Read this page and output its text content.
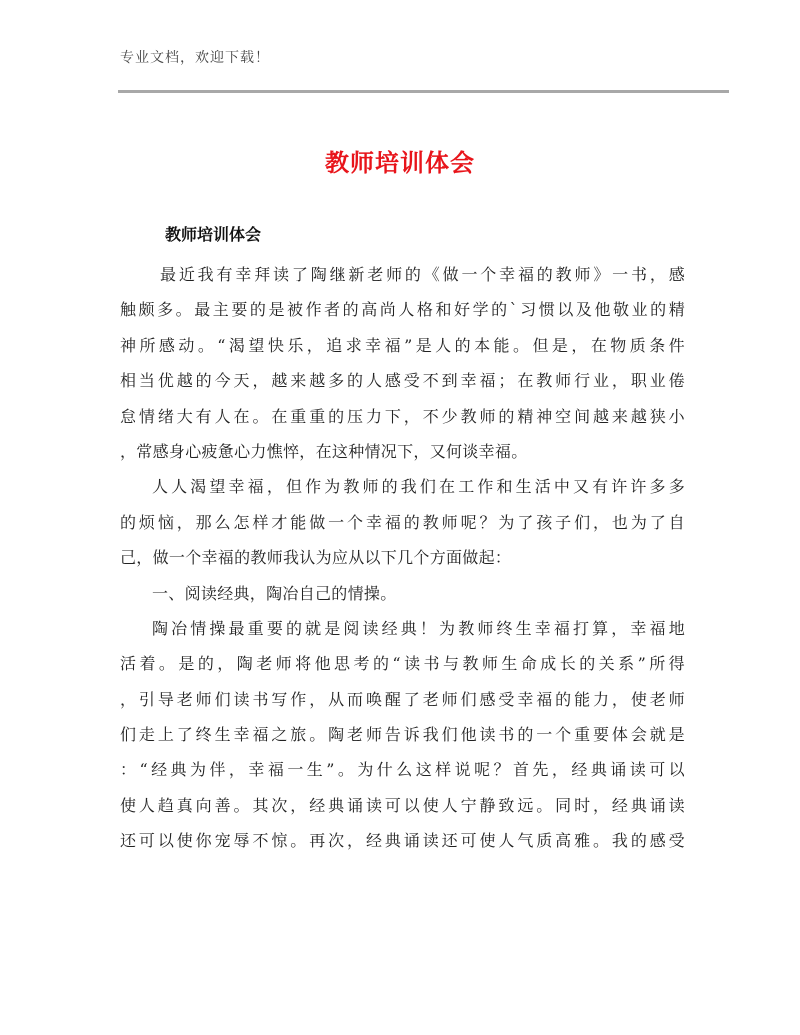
专业文档，欢迎下载！
教师培训体会
教师培训体会
最近我有幸拜读了陶继新老师的《做一个幸福的教师》一书，感
触颇多。最主要的是被作者的高尚人格和好学的`习惯以及他敬业的精
神所感动。“渴望快乐，追求幸福”是人的本能。但是，在物质条件
相当优越的今天，越来越多的人感受不到幸福；在教师行业，职业倦
怠情绪大有人在。在重重的压力下，不少教师的精神空间越来越狭小
，常感身心疲惫心力憔悴，在这种情况下，又何谈幸福。
人人渴望幸福，但作为教师的我们在工作和生活中又有许许多多
的烦恼，那么怎样才能做一个幸福的教师呢？为了孩子们，也为了自
己，做一个幸福的教师我认为应从以下几个方面做起：
一、阅读经典，陶冶自己的情操。
陶冶情操最重要的就是阅读经典！为教师终生幸福打算，幸福地
活着。是的，陶老师将他思考的“读书与教师生命成长的关系”所得
，引导老师们读书写作，从而唤醒了老师们感受幸福的能力，使老师
们走上了终生幸福之旅。陶老师告诉我们他读书的一个重要体会就是
：“经典为伴，幸福一生”。为什么这样说呢？首先，经典诵读可以
使人趋真向善。其次，经典诵读可以使人宁静致远。同时，经典诵读
还可以使你宠辱不惊。再次，经典诵读还可使人气质高雅。我的感受
